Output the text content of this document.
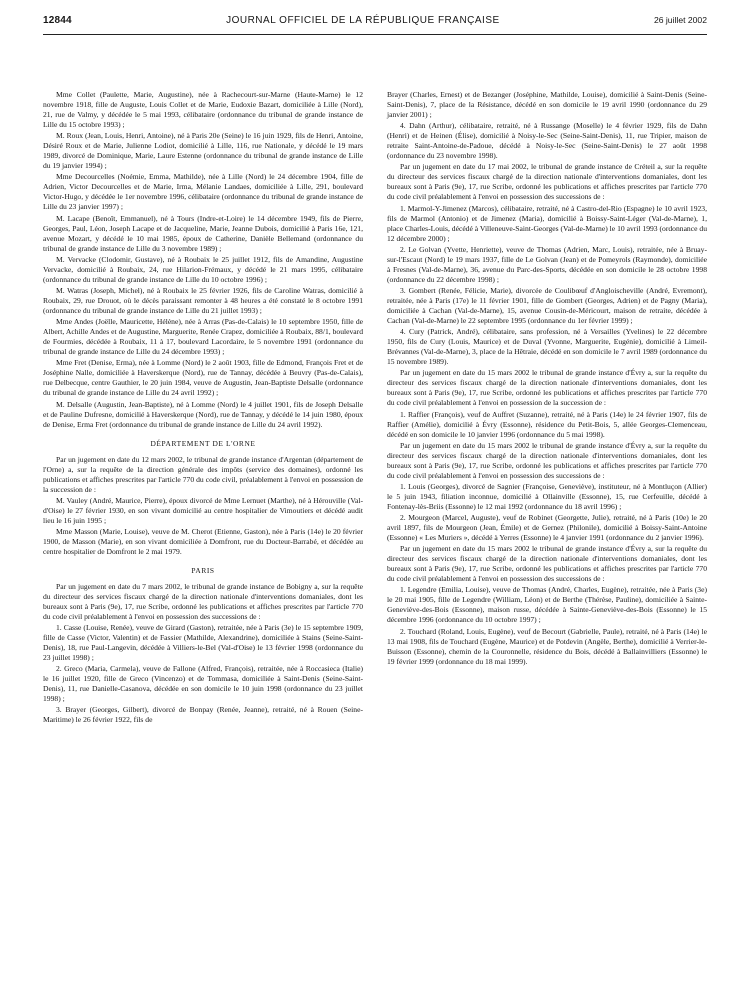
12844	JOURNAL OFFICIEL DE LA RÉPUBLIQUE FRANÇAISE	26 juillet 2002

Mme Collet (Paulette, Marie, Augustine), née à Rachecourt-sur-Marne (Haute-Marne) le 12 novembre 1918, fille de Auguste, Louis Collet et de Marie, Eudoxie Bazart, domiciliée à Lille (Nord), 21, rue de Valmy, y décédée le 5 mai 1993, célibataire (ordonnance du tribunal de grande instance de Lille du 15 octobre 1993) ;

M. Roux (Jean, Louis, Henri, Antoine), né à Paris 20e (Seine) le 16 juin 1929, fils de Henri, Antoine, Désiré Roux et de Marie, Julienne Lodiot, domicilié à Lille, 116, rue Nationale, y décédé le 19 mars 1989, divorcé de Dominique, Marie, Laure Estenne (ordonnance du tribunal de grande instance de Lille du 19 janvier 1994) ;

Mme Decourcelles (Noémie, Emma, Mathilde), née à Lille (Nord) le 24 décembre 1904, fille de Adrien, Victor Decourcelles et de Marie, Irma, Mélanie Landaes, domiciliée à Lille, 291, boulevard Victor-Hugo, y décédée le 1er novembre 1996, célibataire (ordonnance du tribunal de grande instance de Lille du 23 janvier 1997) ;

M. Lacape (Benoît, Emmanuel), né à Tours (Indre-et-Loire) le 14 décembre 1949, fils de Pierre, Georges, Paul, Léon, Joseph Lacape et de Jacqueline, Marie, Jeanne Dubois, domicilié à Paris 16e, 121, avenue Mozart, y décédé le 10 mai 1985, époux de Catherine, Danièle Bellemand (ordonnance du tribunal de grande instance de Lille du 3 novembre 1989) ;

M. Vervacke (Clodomir, Gustave), né à Roubaix le 25 juillet 1912, fils de Amandine, Augustine Vervacke, domicilié à Roubaix, 24, rue Hilarion-Frémaux, y décédé le 21 mars 1995, célibataire (ordonnance du tribunal de grande instance de Lille du 10 octobre 1996) ;

M. Watras (Joseph, Michel), né à Roubaix le 25 février 1926, fils de Caroline Watras, domicilié à Roubaix, 29, rue Drouot, où le décès paraissant remonter à 48 heures a été constaté le 8 octobre 1991 (ordonnance du tribunal de grande instance de Lille du 21 juillet 1993) ;

Mme Andes (Joëlle, Mauricette, Hélène), née à Arras (Pas-de-Calais) le 10 septembre 1950, fille de Albert, Achille Andes et de Augustine, Marguerite, Renée Crapez, domiciliée à Roubaix, 88/1, boulevard de Fourmies, décédée à Roubaix, 11 à 17, boulevard Lacordaire, le 5 novembre 1991 (ordonnance du tribunal de grande instance de Lille du 24 décembre 1993) ;

Mme Fret (Denise, Erma), née à Lomme (Nord) le 2 août 1903, fille de Edmond, François Fret et de Joséphine Nalle, domiciliée à Haverskerque (Nord), rue de Tannay, décédée à Beuvry (Pas-de-Calais), rue Delbecque, centre Gauthier, le 20 juin 1984, veuve de Augustin, Jean-Baptiste Delsalle (ordonnance du tribunal de grande instance de Lille du 24 avril 1992) ;

M. Delsalle (Augustin, Jean-Baptiste), né à Lomme (Nord) le 4 juillet 1901, fils de Joseph Delsalle et de Pauline Dufresne, domicilié à Haverskerque (Nord), rue de Tannay, y décédé le 14 juin 1980, époux de Denise, Erma Fret (ordonnance du tribunal de grande instance de Lille du 24 avril 1992).

DÉPARTEMENT DE L'ORNE

Par un jugement en date du 12 mars 2002, le tribunal de grande instance d'Argentan (département de l'Orne) a, sur la requête de la direction générale des impôts (service des domaines), ordonné les publications et affiches prescrites par l'article 770 du code civil, préalablement à l'envoi en possession de la succession de :

M. Vauley (André, Maurice, Pierre), époux divorcé de Mme Lernuet (Marthe), né à Hérouville (Val-d'Oise) le 27 février 1930, en son vivant domicilié au centre hospitalier de Vimoutiers et décédé audit lieu le 16 juin 1995 ;

Mme Masson (Marie, Louise), veuve de M. Cherot (Etienne, Gaston), née à Paris (14e) le 20 février 1900, de Masson (Marie), en son vivant domiciliée à Domfront, rue du Docteur-Barrabé, et décédée au centre hospitalier de Domfront le 2 mai 1979.

PARIS

Par un jugement en date du 7 mars 2002, le tribunal de grande instance de Bobigny a, sur la requête du directeur des services fiscaux chargé de la direction nationale d'interventions domaniales, dont les bureaux sont à Paris (9e), 17, rue Scribe, ordonné les publications et affiches prescrites par l'article 770 du code civil préalablement à l'envoi en possession des successions de :

1. Casse (Louise, Renée), veuve de Girard (Gaston), retraitée, née à Paris (3e) le 15 septembre 1909, fille de Casse (Victor, Valentin) et de Fassier (Mathilde, Alexandrine), domiciliée à Stains (Seine-Saint-Denis), 18, rue Paul-Langevin, décédée à Villiers-le-Bel (Val-d'Oise) le 13 février 1998 (ordonnance du 23 juillet 1998) ;

2. Greco (Maria, Carmela), veuve de Fallone (Alfred, François), retraitée, née à Roccasieca (Italie) le 16 juillet 1920, fille de Greco (Vincenzo) et de Tommasa, domiciliée à Saint-Denis (Seine-Saint-Denis), 11, rue Danielle-Casanova, décédée en son domicile le 10 juin 1998 (ordonnance du 23 juillet 1998) ;

3. Brayer (Georges, Gilbert), divorcé de Bonpay (Renée, Jeanne), retraité, né à Rouen (Seine-Maritime) le 26 février 1922, fils de

Brayer (Charles, Ernest) et de Bezanger (Joséphine, Mathilde, Louise), domicilié à Saint-Denis (Seine-Saint-Denis), 7, place de la Résistance, décédé en son domicile le 19 avril 1990 (ordonnance du 29 janvier 2001) ;

4. Dahn (Arthur), célibataire, retraité, né à Russange (Moselle) le 4 février 1929, fils de Dahn (Henri) et de Heinen (Élise), domicilié à Noisy-le-Sec (Seine-Saint-Denis), 11, rue Tripier, maison de retraite Saint-Antoine-de-Padoue, décédé à Noisy-le-Sec (Seine-Saint-Denis) le 27 août 1998 (ordonnance du 23 novembre 1998).

Par un jugement en date du 17 mai 2002, le tribunal de grande instance de Créteil a, sur la requête du directeur des services fiscaux chargé de la direction nationale d'interventions domaniales, dont les bureaux sont à Paris (9e), 17, rue Scribe, ordonné les publications et affiches prescrites par l'article 770 du code civil préalablement à l'envoi en possession des successions de :

1. Marmol-Y-Jimenez (Marcos), célibataire, retraité, né à Castro-del-Rio (Espagne) le 10 avril 1923, fils de Marmol (Antonio) et de Jimenez (Maria), domicilié à Boissy-Saint-Léger (Val-de-Marne), 1, place Charles-Louis, décédé à Villeneuve-Saint-Georges (Val-de-Marne) le 10 avril 1993 (ordonnance du 12 décembre 2000) ;

2. Le Golvan (Yvette, Henriette), veuve de Thomas (Adrien, Marc, Louis), retraitée, née à Bruay-sur-l'Escaut (Nord) le 19 mars 1937, fille de Le Golvan (Jean) et de Pomeyrols (Raymonde), domiciliée à Fresnes (Val-de-Marne), 36, avenue du Parc-des-Sports, décédée en son domicile le 28 octobre 1998 (ordonnance du 22 décembre 1998) ;

3. Gombert (Renée, Félicie, Marie), divorcée de Coulibœuf d'Angloischeville (André, Evremont), retraitée, née à Paris (17e) le 11 février 1901, fille de Gombert (Georges, Adrien) et de Pagny (Maria), domiciliée à Cachan (Val-de-Marne), 15, avenue Cousin-de-Méricourt, maison de retraite, décédée à Cachan (Val-de-Marne) le 22 septembre 1995 (ordonnance du 1er février 1999) ;

4. Cury (Patrick, André), célibataire, sans profession, né à Versailles (Yvelines) le 22 décembre 1950, fils de Cury (Louis, Maurice) et de Duval (Yvonne, Marguerite, Eugénie), domicilié à Limeil-Brévannes (Val-de-Marne), 3, place de la Hêtraie, décédé en son domicile le 7 avril 1989 (ordonnance du 15 novembre 1989).

Par un jugement en date du 15 mars 2002 le tribunal de grande instance d'Évry a, sur la requête du directeur des services fiscaux chargé de la direction nationale d'interventions domaniales, dont les bureaux sont à Paris (9e), 17, rue Scribe, ordonné les publications et affiches prescrites par l'article 770 du code civil préalablement à l'envoi en possession de la succession de :

1. Raffier (François), veuf de Auffret (Suzanne), retraité, né à Paris (14e) le 24 février 1907, fils de Raffier (Amélie), domicilié à Évry (Essonne), résidence du Petit-Bois, 5, allée Georges-Clemenceau, décédé en son domicile le 10 janvier 1996 (ordonnance du 5 mai 1998).

Par un jugement en date du 15 mars 2002 le tribunal de grande instance d'Évry a, sur la requête du directeur des services fiscaux chargé de la direction nationale d'interventions domaniales, dont les bureaux sont à Paris (9e), 17, rue Scribe, ordonné les publications et affiches prescrites par l'article 770 du code civil préalablement à l'envoi en possession des successions de :

1. Louis (Georges), divorcé de Sagnier (Françoise, Geneviève), instituteur, né à Montluçon (Allier) le 5 juin 1943, filiation inconnue, domicilié à Ollainville (Essonne), 15, rue Cerfeuille, décédé à Fontenay-lès-Briis (Essonne) le 12 mai 1992 (ordonnance du 18 avril 1996) ;

2. Mourgeon (Marcel, Auguste), veuf de Robinet (Georgette, Julie), retraité, né à Paris (10e) le 20 avril 1897, fils de Mourgeon (Jean, Émile) et de Gernez (Philonile), domicilié à Boissy-Saint-Antoine (Essonne) « Les Muriers », décédé à Yerres (Essonne) le 4 janvier 1991 (ordonnance du 2 janvier 1996).

Par un jugement en date du 15 mars 2002 le tribunal de grande instance d'Évry a, sur la requête du directeur des services fiscaux chargé de la direction nationale d'interventions domaniales, dont les bureaux sont à Paris (9e), 17, rue Scribe, ordonné les publications et affiches prescrites par l'article 770 du code civil préalablement à l'envoi en possession des successions de :

1. Legendre (Emilia, Louise), veuve de Thomas (André, Charles, Eugène), retraitée, née à Paris (3e) le 20 mai 1905, fille de Legendre (William, Léon) et de Berthe (Thérèse, Pauline), domiciliée à Sainte-Geneviève-des-Bois (Essonne), maison russe, décédée à Sainte-Geneviève-des-Bois (Essonne) le 15 décembre 1996 (ordonnance du 10 octobre 1997) ;

2. Touchard (Roland, Louis, Eugène), veuf de Becourt (Gabrielle, Paule), retraité, né à Paris (14e) le 13 mai 1908, fils de Touchard (Eugène, Maurice) et de Potdevin (Angèle, Berthe), domicilié à Verrier-le-Buisson (Essonne), chemin de la Couronnelle, résidence du Bois, décédé à Ballainvilliers (Essonne) le 19 février 1999 (ordonnance du 18 mai 1999).
